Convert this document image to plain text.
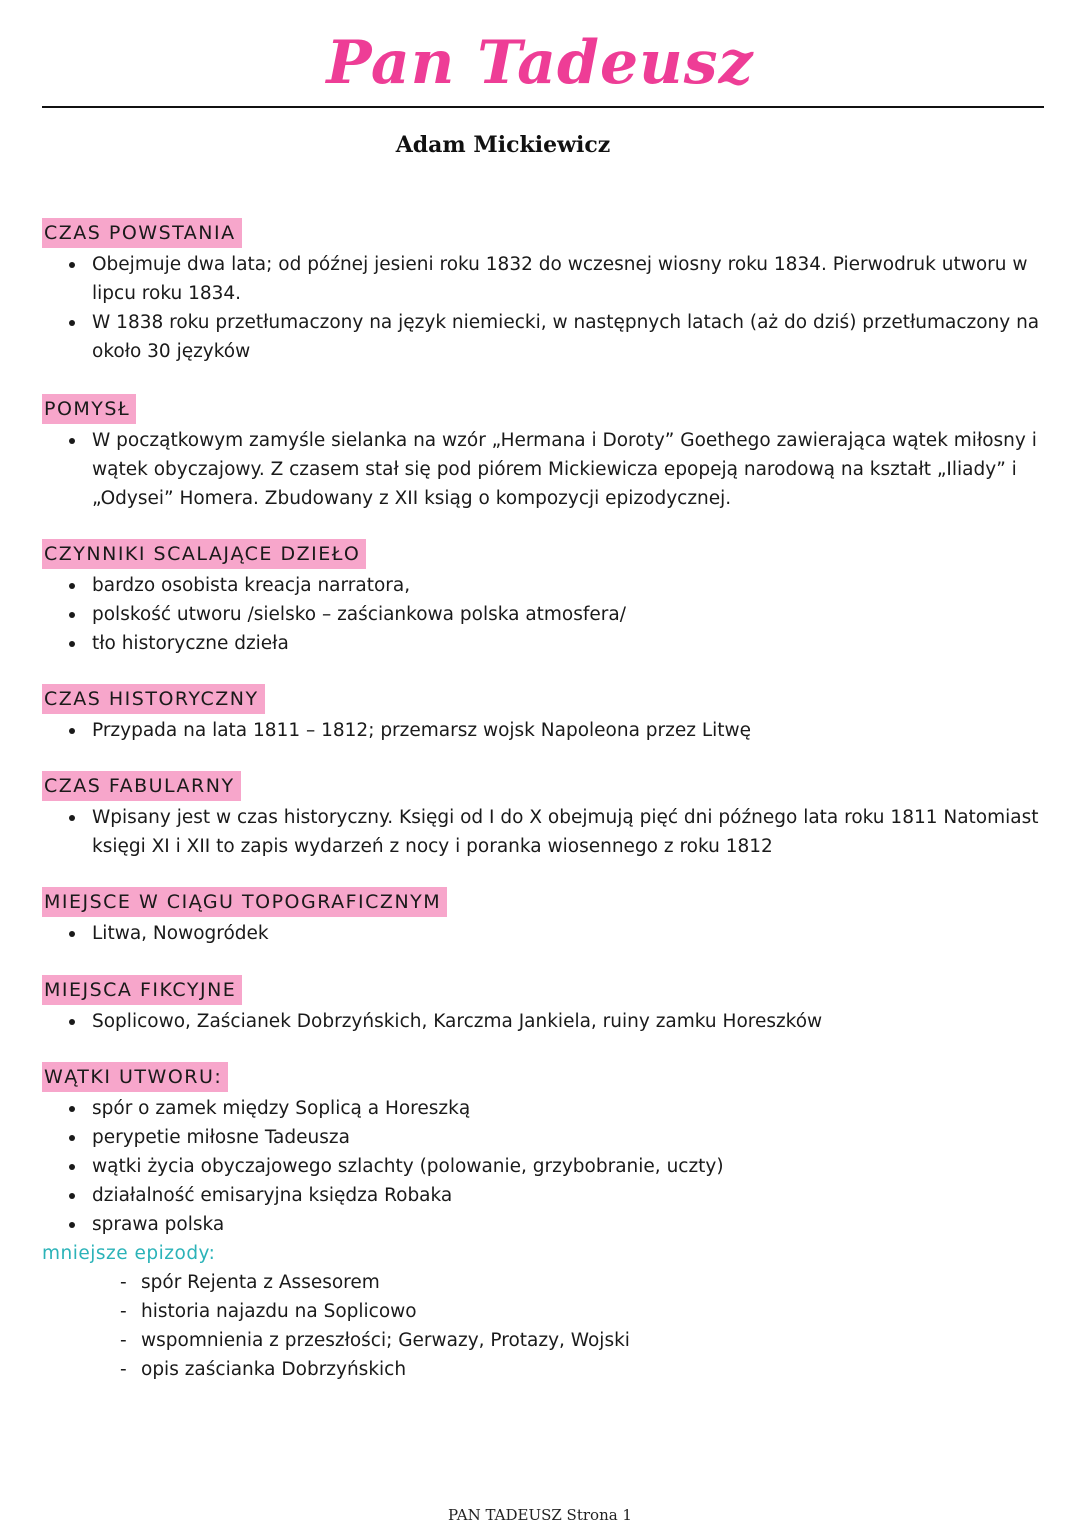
Pan Tadeusz
Adam Mickiewicz
CZAS POWSTANIA
Obejmuje dwa lata; od późnej jesieni roku 1832 do wczesnej wiosny roku 1834. Pierwodruk utworu w lipcu roku 1834.
W 1838 roku przetłumaczony na język niemiecki, w następnych latach (aż do dziś) przetłumaczony na około 30 języków
POMYSŁ
W początkowym zamyśle sielanka na wzór „Hermana i Doroty” Goethego zawierająca wątek miłosny i wątek obyczajowy. Z czasem stał się pod piórem Mickiewicza epopeją narodową na kształt „Iliady” i „Odysei” Homera. Zbudowany z XII ksiąg o kompozycji epizodycznej.
CZYNNIKI SCALAJĄCE DZIEŁO
bardzo osobista kreacja narratora,
polskość utworu /sielsko – zaściankowa polska atmosfera/
tło historyczne dzieła
CZAS HISTORYCZNY
Przypada na lata 1811 – 1812; przemarsz wojsk Napoleona przez Litwę
CZAS FABULARNY
Wpisany jest w czas historyczny. Księgi od I do X obejmują pięć dni późnego lata roku 1811 Natomiast księgi XI i XII to zapis wydarzeń z nocy i poranka wiosennego z roku 1812
MIEJSCE W CIĄGU TOPOGRAFICZNYM
Litwa, Nowogródek
MIEJSCA FIKCYJNE
Soplicowo, Zaścianek Dobrzyńskich, Karczma Jankiela, ruiny zamku Horeszków
WĄTKI UTWORU:
spór o zamek między Soplicą a Horeszką
perypetie miłosne Tadeusza
wątki życia obyczajowego szlachty (polowanie, grzybobranie, uczty)
działalność emisaryjna księdza Robaka
sprawa polska
mniejsze epizody:
- spór Rejenta z Assesorem
- historia najazdu na Soplicowo
- wspomnienia z przeszłości; Gerwazy, Protazy, Wojski
- opis zaścianka Dobrzyńskich
PAN TADEUSZ Strona 1
